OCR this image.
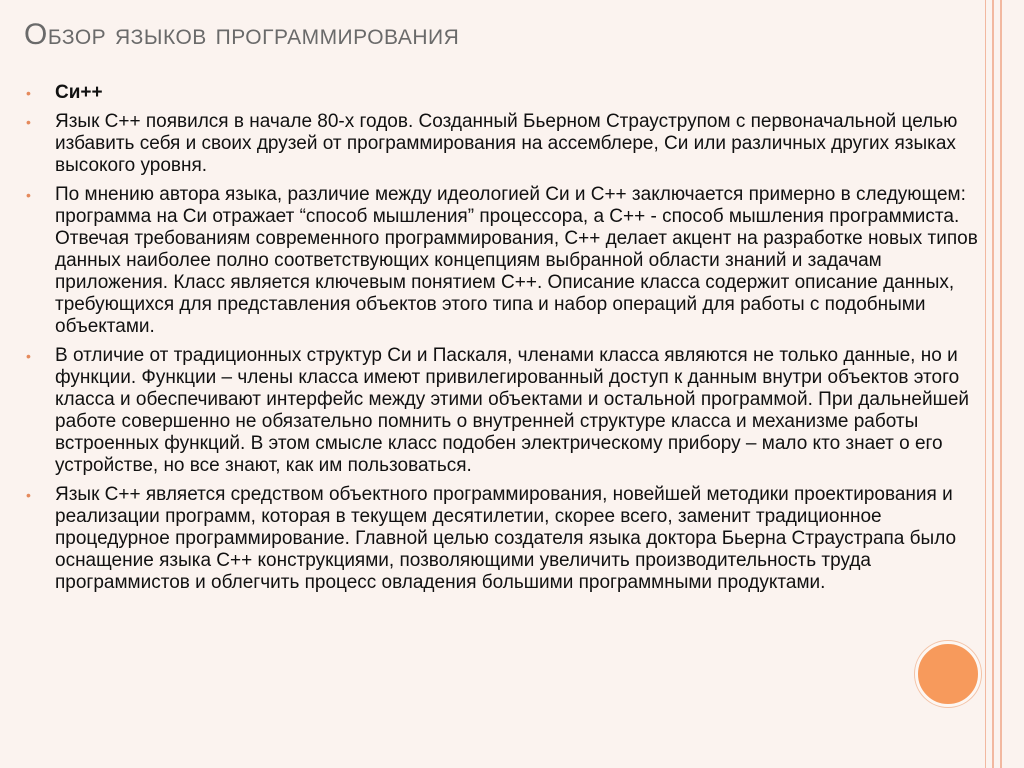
Обзор языков программирования
• Си++
• Язык С++ появился в начале 80-х годов. Созданный Бьерном Страуструпом с первоначальной целью избавить себя и своих друзей от программирования на ассемблере, Си или различных других языках высокого уровня.
• По мнению автора языка, различие между идеологией Си и С++ заключается примерно в следующем: программа на Си отражает “способ мышления” процессора, а С++ - способ мышления программиста. Отвечая требованиям современного программирования, С++ делает акцент на разработке новых типов данных наиболее полно соответствующих концепциям выбранной области знаний и задачам приложения. Класс является ключевым понятием С++. Описание класса содержит описание данных, требующихся для представления объектов этого типа и набор операций для работы с подобными объектами.
• В отличие от традиционных структур Си и Паскаля, членами класса являются не только данные, но и функции. Функции – члены класса имеют привилегированный доступ к данным внутри объектов этого класса и обеспечивают интерфейс между этими объектами и остальной программой. При дальнейшей работе совершенно не обязательно помнить о внутренней структуре класса и механизме работы встроенных функций. В этом смысле класс подобен электрическому прибору – мало кто знает о его устройстве, но все знают, как им пользоваться.
• Язык С++ является средством объектного программирования, новейшей методики проектирования и реализации программ, которая в текущем десятилетии, скорее всего, заменит традиционное процедурное программирование. Главной целью создателя языка доктора Бьерна Страустрапа было оснащение языка С++ конструкциями, позволяющими увеличить производительность труда программистов и облегчить процесс овладения большими программными продуктами.
